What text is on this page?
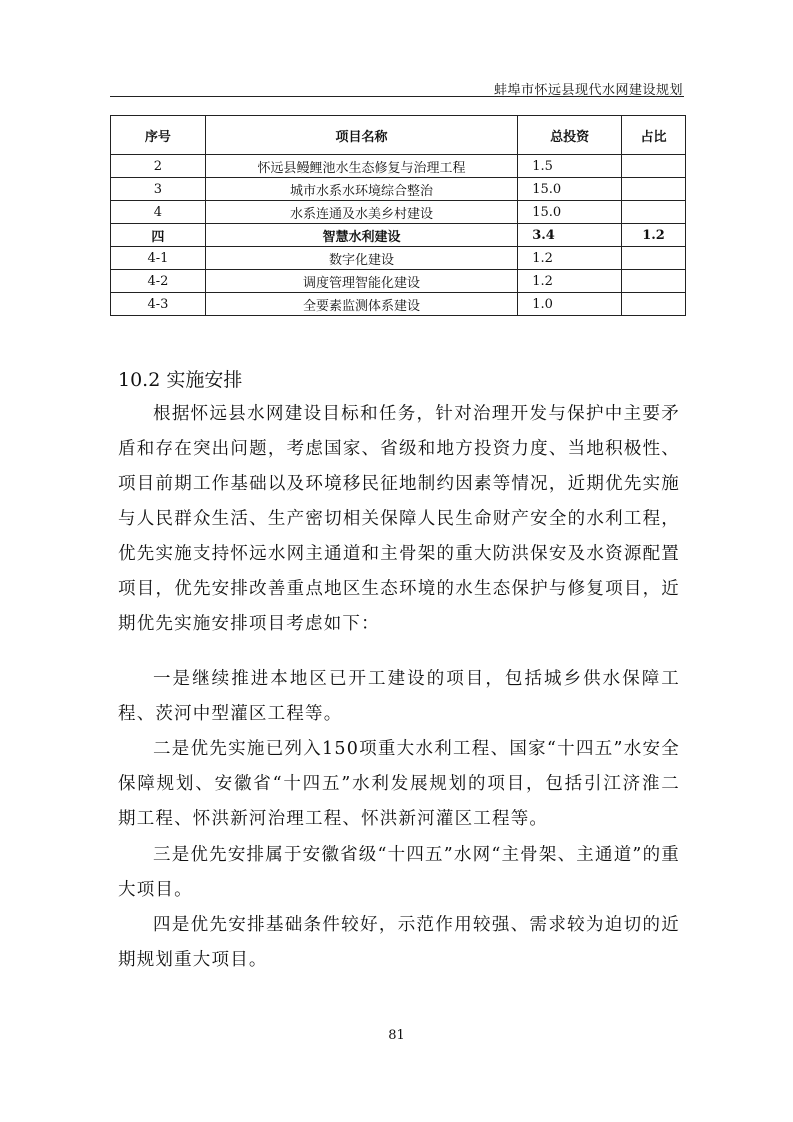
蚌埠市怀远县现代水网建设规划
序号	项目名称	总投资	占比
2	怀远县鳗鲤池水生态修复与治理工程	1.5	
3	城市水系水环境综合整治	15.0	
4	水系连通及水美乡村建设	15.0	
四	智慧水利建设	3.4	1.2
4-1	数字化建设	1.2	
4-2	调度管理智能化建设	1.2	
4-3	全要素监测体系建设	1.0	
10.2 实施安排

根据怀远县水网建设目标和任务，针对治理开发与保护中主要矛盾和存在突出问题，考虑国家、省级和地方投资力度、当地积极性、项目前期工作基础以及环境移民征地制约因素等情况，近期优先实施与人民群众生活、生产密切相关保障人民生命财产安全的水利工程，优先实施支持怀远水网主通道和主骨架的重大防洪保安及水资源配置项目，优先安排改善重点地区生态环境的水生态保护与修复项目，近期优先实施安排项目考虑如下：

一是继续推进本地区已开工建设的项目，包括城乡供水保障工程、茨河中型灌区工程等。

二是优先实施已列入150项重大水利工程、国家“十四五”水安全保障规划、安徽省“十四五”水利发展规划的项目，包括引江济淮二期工程、怀洪新河治理工程、怀洪新河灌区工程等。

三是优先安排属于安徽省级“十四五”水网“主骨架、主通道”的重大项目。

四是优先安排基础条件较好，示范作用较强、需求较为迫切的近期规划重大项目。

81
